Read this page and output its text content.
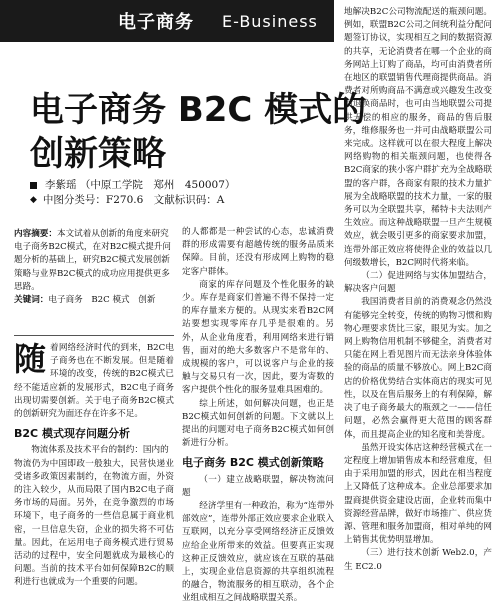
电子商务 E-Business
电子商务 B2C 模式的
创新策略
李紫瑶 （中原工学院　郑州　450007）
◆ 中图分类号：F270.6　文献标识码：A
内容摘要：本文试着从创新的角度来研究电子商务B2C模式，在对B2C模式提升问题分析的基础上，研究B2C模式发展创新策略与业界B2C模式的成功应用提供更多思路。
关键词：电子商务　B2C 模式　创新

随着网络经济时代的到来，B2C电子商务也在不断发展。但是随着环境的改变，传统的B2C模式已经不能适应新的发展形式，B2C电子商务出现切需要创新。关于电子商务B2C模式的创新研究为面还存在许多不足。

B2C 模式现存问题分析

物流体系及技术平台的制约：国内的

物流仍为中国即政一般独大，民营快递业受诸多政策因素制约，在物流方面，外资的注入较少，从而局限了国内B2C电子商务市场的局面。另外，在竞争激烈的市场环境下，电子商务的一些信息属于商业机密，一旦信息失窃，企业的损失将不可估量。因此，在运用电子商务模式进行贸易活动的过程中，安全问题就成为最核心的问题。当前的技术平台如何保障B2C的顺利进行也就成为一个重要的问题。

的人都都是一种尝试的心态，忠诚消费群的形成需要有超越传统的服务品质来保障。目前，还没有形成网上购物的稳定客户群体。

商家的库存问题及个性化服务的缺少。库存是商家们普遍不得不保持一定的库存量来方便的。从现实来看B2C网站要想实现零库存几乎是很难的。另外，从企业角度看，利用网络来进行销售，面对的绝大多数客户不是常年的、成规模的客户，可以说客户与企业的接触与交易只有一次，因此，要为寄数的客户提供个性化的服务显难具困难的。

综上所述，如何解决问题，也正是B2C模式如何创新的问题。下文就以上提出的问题对电子商务B2C模式如何创新进行分析。

电子商务 B2C 模式创新策略

（一）建立战略联盟，解决物流问题

经济学里有一种政治，称为“连带外部效应”，连带外部正效应要求企业联入互联网，以充分享受网络经济正反馈效应给企业所带来的效益。但要真正实现这种正反馈效应，就应该在互联的基础上，实现企业信息资源的共享组织流程的融合，物流服务的相互联动，各个企业组成相互之间战略联盟关系。

地解决B2C公司物流配送的瓶颈问题。例如，联盟B2C公司之间统利益分配问题签订协议，实现相互之间的数据资源的共享，无论消费者在哪一个企业的商务网站上订购了商品，均可由消费者所在地区的联盟销售代理商提供商品。消费者对所购商品不满意或兴趣发生改变而退换商品时，也可由当地联盟公司提供无偿的相应的服务，商品的售后服务，维修服务也一并可由战略联盟公司来完成。这样就可以在很大程度上解决网络购物的相关瓶颈问题，也使得各B2C商家的狭小客户群扩充为全战略联盟的客户群，各商家有限的技术力量扩展为全战略联盟的技术力量，一家的服务可以为全联盟共享，稀特卡夫法则产生效应。而这种战略联盟一旦产生规模效应，就会吸引更多的商家要求加盟，连带外部正效应将使得企业的效益以几何级数增长，B2C网时代将来临。

（二）促进网络与实体加盟结合，解决客户问题

我国消费者目前的消费观念仍然没有能够完全转变，传统的购物习惯和购物心理要求货比三家，眼见为实。加之网上购物信用机制不够健全，消费者对只能在网上看见图片而无法亲身体验体验的商品的质量不够放心。网上B2C商店的价格优势结合实体商店的现实可见性，以及在售后服务上的有利保障，解决了电子商务最大的瓶颈之一——信任问题，必然会赢得更大范围的顾客群体，而且提高企业的知名度和美誉度。

虽然开设实体店这种经营模式在一定程度上增加销售成本和经营难度，但由于采用加盟的形式，因此在相当程度上又降低了这种成本。企业总部要求加盟商提供资金建设店面，企业转而集中资源经营品牌，做好市场推广、供应货源、管理和服务加盟商，相对单纯的网上销售其优势明显增加。

（三）进行技术创新 Web2.0，产生 EC2.0
